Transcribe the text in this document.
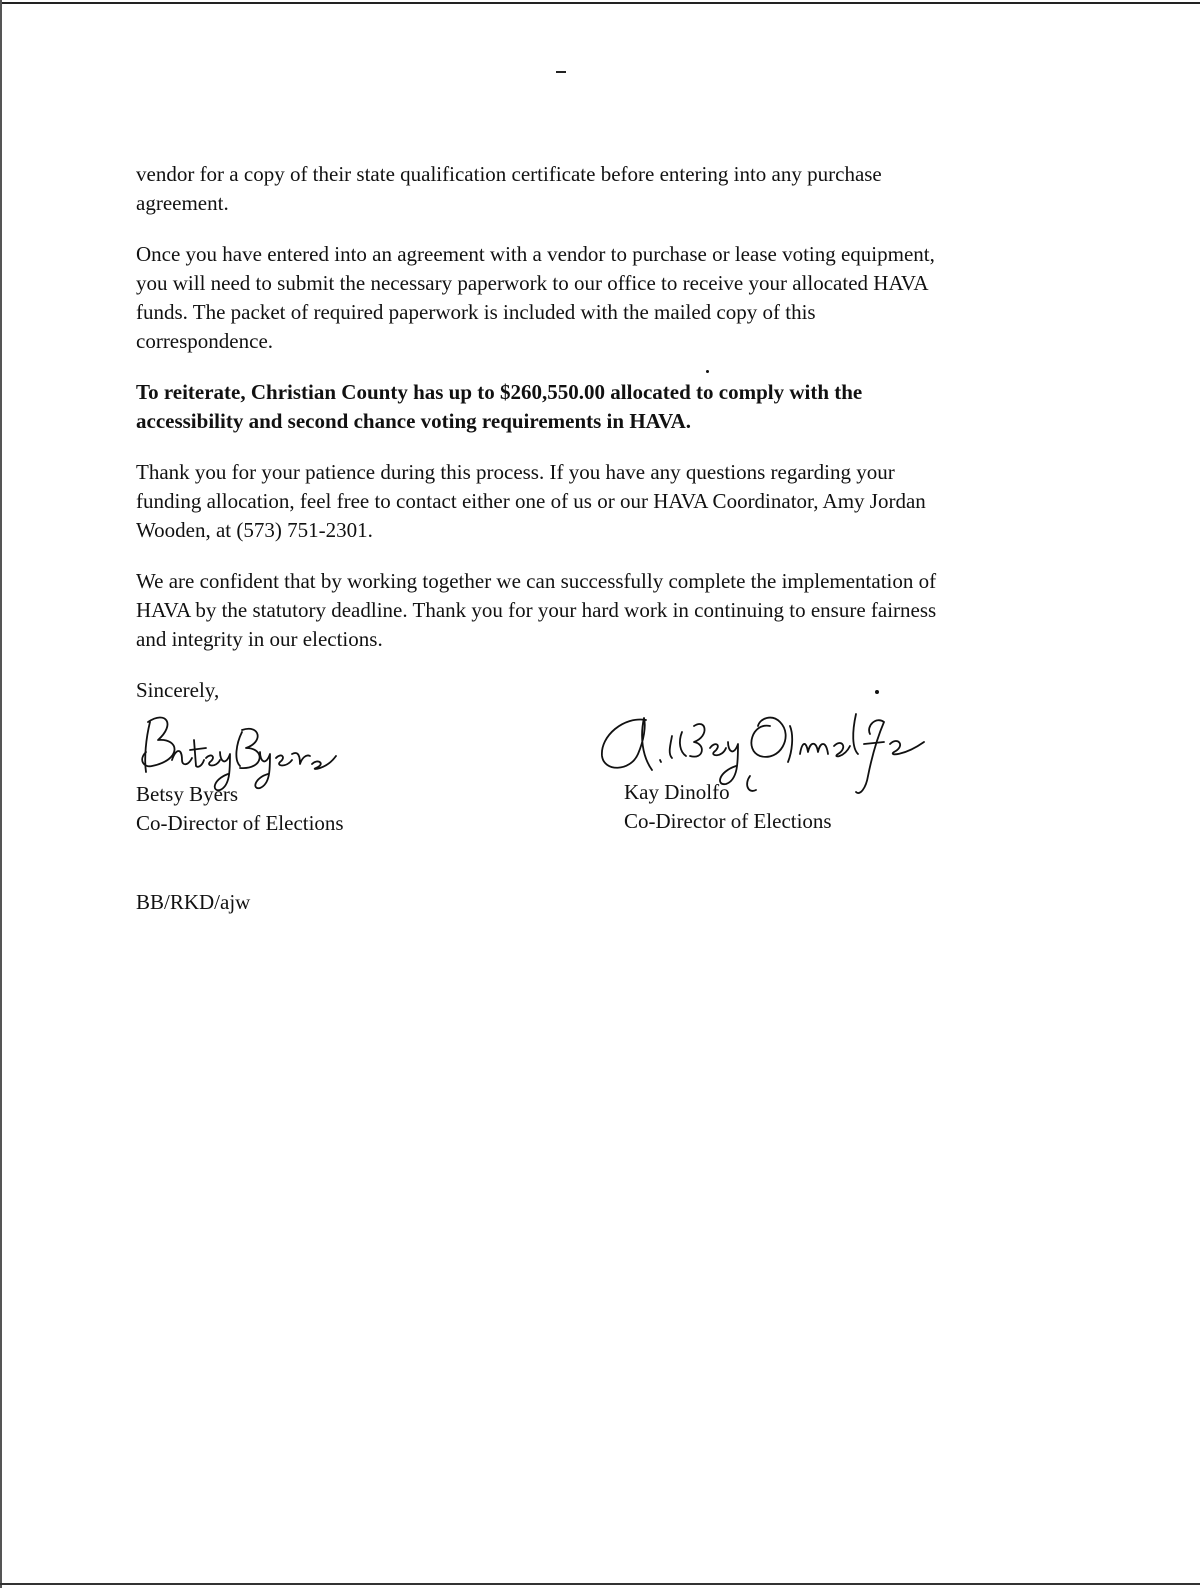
vendor for a copy of their state qualification certificate before entering into any purchase
agreement.

Once you have entered into an agreement with a vendor to purchase or lease voting equipment,
you will need to submit the necessary paperwork to our office to receive your allocated HAVA
funds. The packet of required paperwork is included with the mailed copy of this
correspondence.

To reiterate, Christian County has up to $260,550.00 allocated to comply with the
accessibility and second chance voting requirements in HAVA.

Thank you for your patience during this process. If you have any questions regarding your
funding allocation, feel free to contact either one of us or our HAVA Coordinator, Amy Jordan
Wooden, at (573) 751-2301.

We are confident that by working together we can successfully complete the implementation of
HAVA by the statutory deadline. Thank you for your hard work in continuing to ensure fairness
and integrity in our elections.

Sincerely,
Betsy Byers
Co-Director of Elections
Kay Dinolfo
Co-Director of Elections
BB/RKD/ajw
